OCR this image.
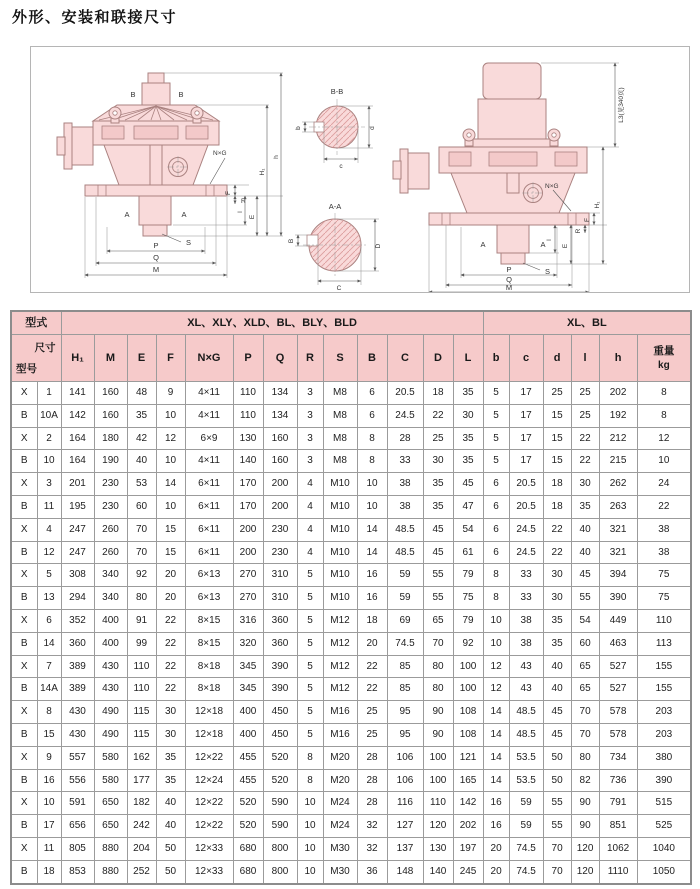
外形、安装和联接尺寸
B	B
A	A
S
P
Q
M
F
R
l
E
H₁
h
N×G
B-B
d
b
c
A-A
D
B
C
A	A
S
L3(见340页)
H₁
F
R
l
E
N×G
P
Q
M
型式		XL、XLY、XLD、BL、BLY、BLD													XL、BL					

尺寸
型号
	H₁	M	E	F	N×G	P	Q	R	S	B	C	D	L	b	c	d	l	h	
重量
kg

X	1	141	160	48	9	4×11	110	134	3	M8	6	20.5	18	35	5	17	25	25	202	8
B	10A	142	160	35	10	4×11	110	134	3	M8	6	24.5	22	30	5	17	15	25	192	8
X	2	164	180	42	12	6×9	130	160	3	M8	8	28	25	35	5	17	15	22	212	12
B	10	164	190	40	10	4×11	140	160	3	M8	8	33	30	35	5	17	15	22	215	10
X	3	201	230	53	14	6×11	170	200	4	M10	10	38	35	45	6	20.5	18	30	262	24
B	11	195	230	60	10	6×11	170	200	4	M10	10	38	35	47	6	20.5	18	35	263	22
X	4	247	260	70	15	6×11	200	230	4	M10	14	48.5	45	54	6	24.5	22	40	321	38
B	12	247	260	70	15	6×11	200	230	4	M10	14	48.5	45	61	6	24.5	22	40	321	38
X	5	308	340	92	20	6×13	270	310	5	M10	16	59	55	79	8	33	30	45	394	75
B	13	294	340	80	20	6×13	270	310	5	M10	16	59	55	75	8	33	30	55	390	75
X	6	352	400	91	22	8×15	316	360	5	M12	18	69	65	79	10	38	35	54	449	110
B	14	360	400	99	22	8×15	320	360	5	M12	20	74.5	70	92	10	38	35	60	463	113
X	7	389	430	110	22	8×18	345	390	5	M12	22	85	80	100	12	43	40	65	527	155
B	14A	389	430	110	22	8×18	345	390	5	M12	22	85	80	100	12	43	40	65	527	155
X	8	430	490	115	30	12×18	400	450	5	M16	25	95	90	108	14	48.5	45	70	578	203
B	15	430	490	115	30	12×18	400	450	5	M16	25	95	90	108	14	48.5	45	70	578	203
X	9	557	580	162	35	12×22	455	520	8	M20	28	106	100	121	14	53.5	50	80	734	380
B	16	556	580	177	35	12×24	455	520	8	M20	28	106	100	165	14	53.5	50	82	736	390
X	10	591	650	182	40	12×22	520	590	10	M24	28	116	110	142	16	59	55	90	791	515
B	17	656	650	242	40	12×22	520	590	10	M24	32	127	120	202	16	59	55	90	851	525
X	11	805	880	204	50	12×33	680	800	10	M30	32	137	130	197	20	74.5	70	120	1062	1040
B	18	853	880	252	50	12×33	680	800	10	M30	36	148	140	245	20	74.5	70	120	1110	1050
